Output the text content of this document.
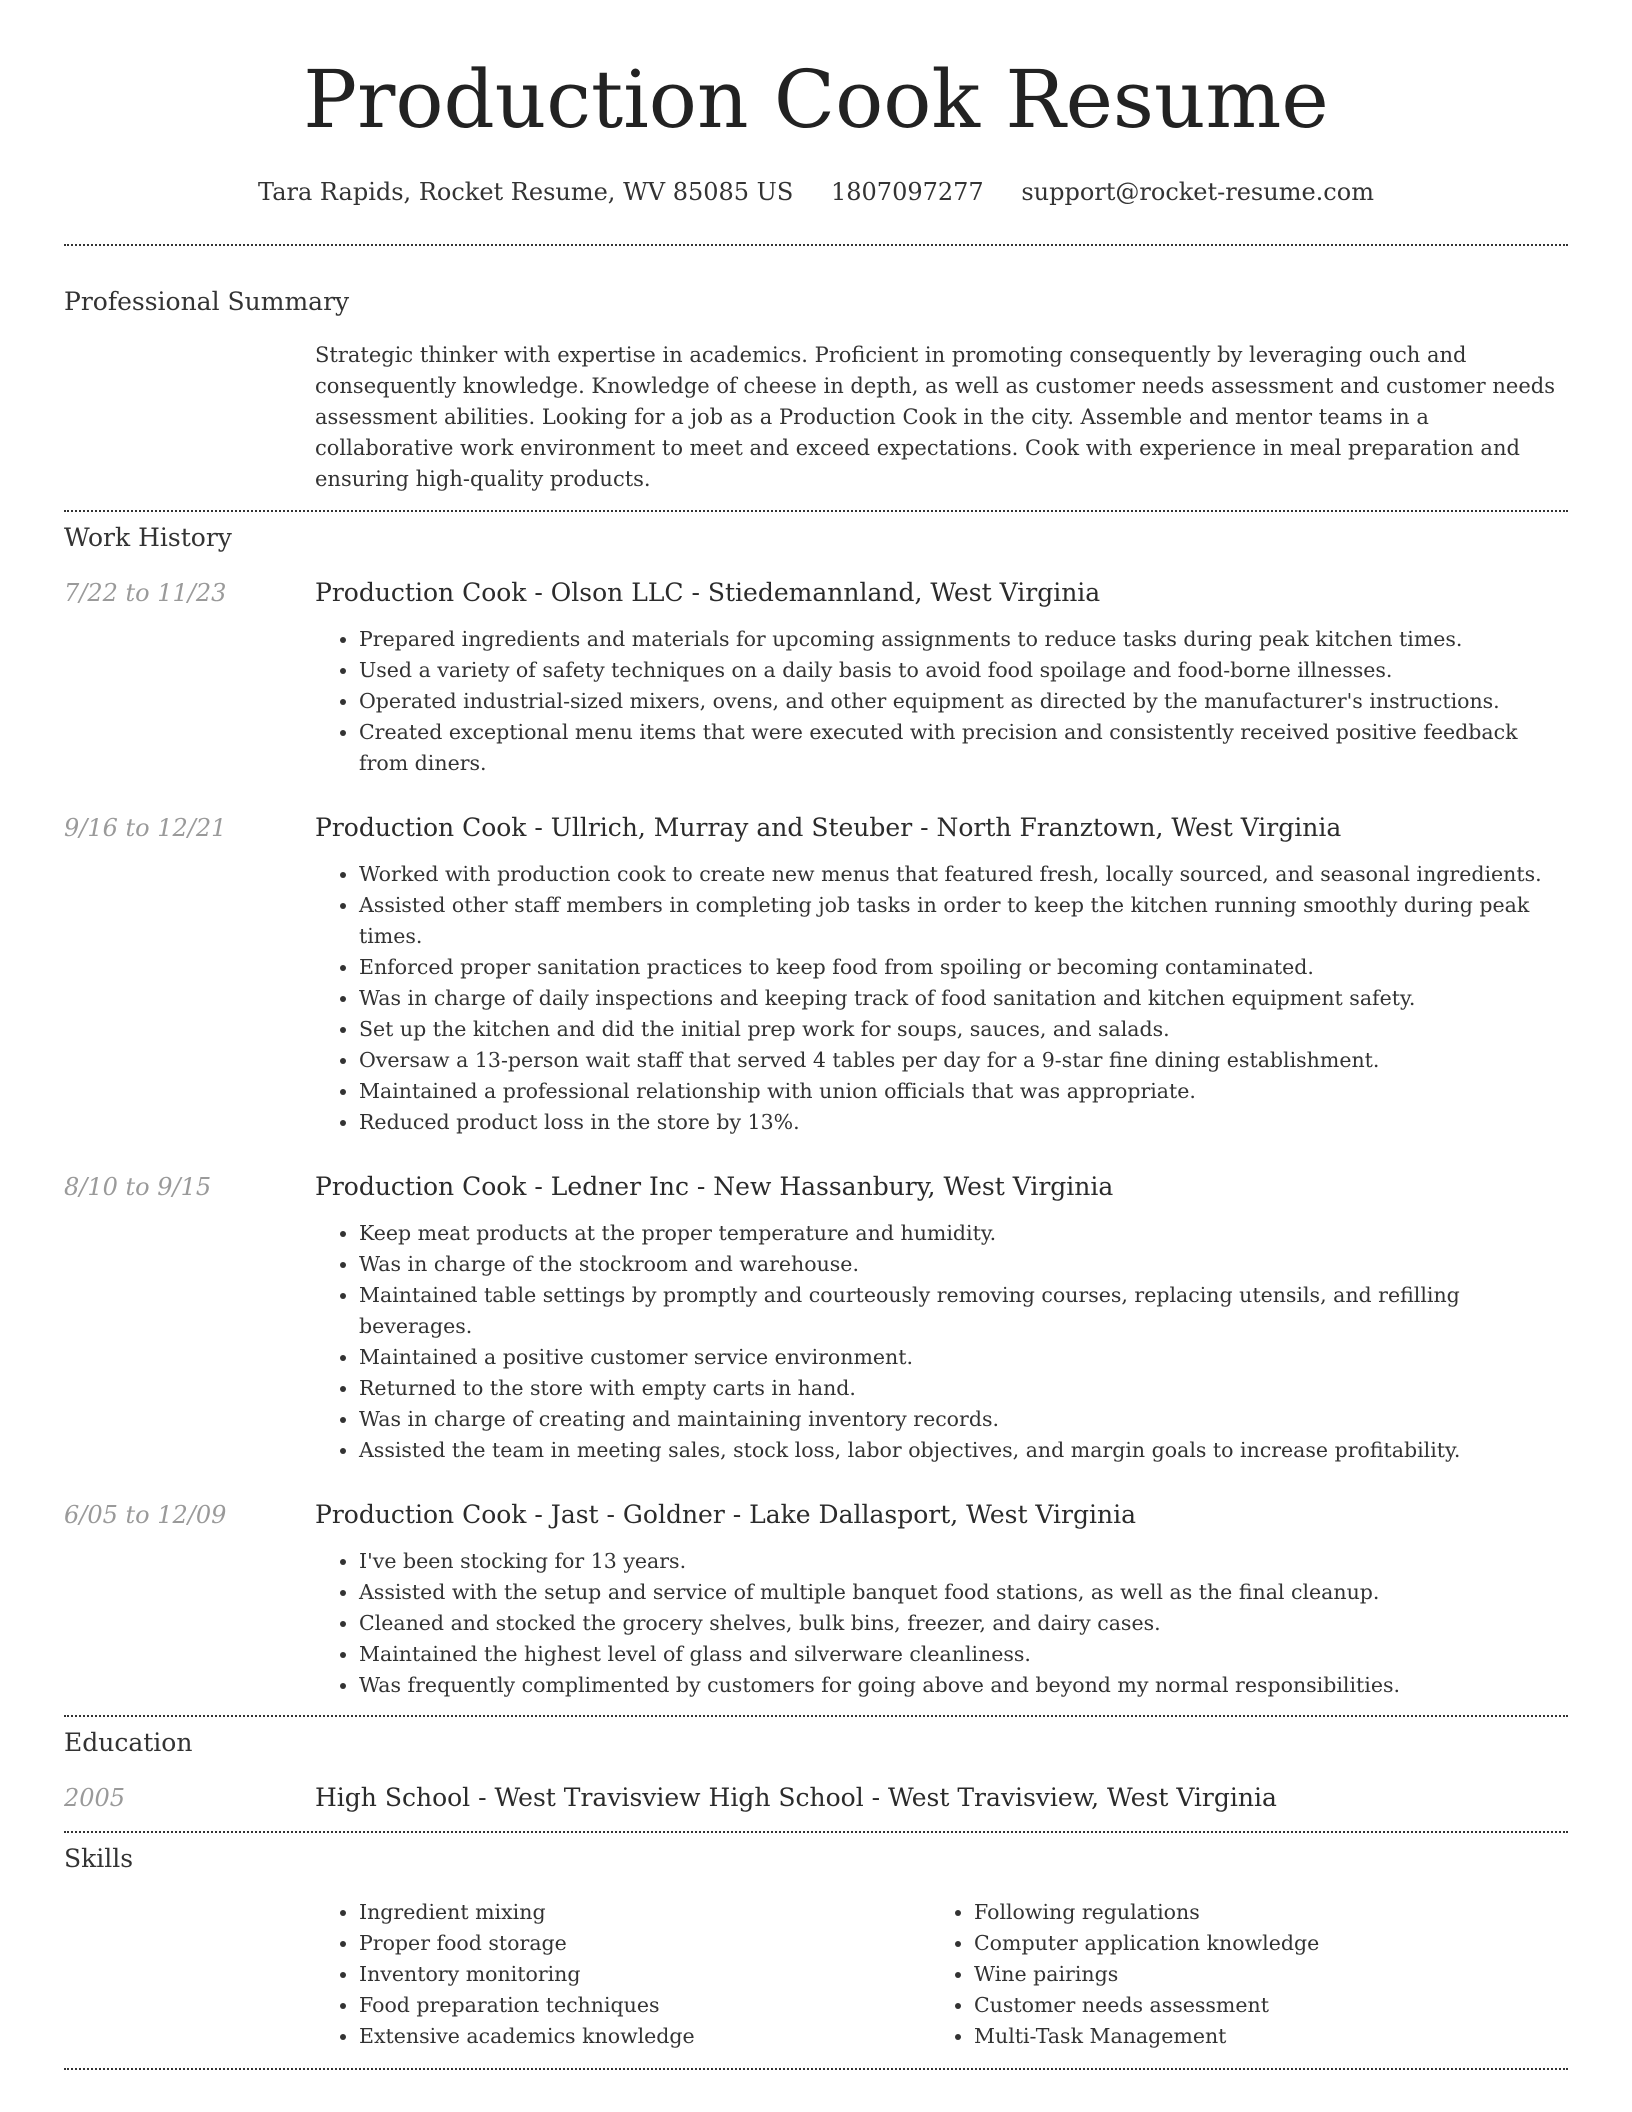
Production Cook Resume
Tara Rapids, Rocket Resume, WV 85085 US 1807097277 support@rocket-resume.com
Professional Summary

Strategic thinker with expertise in academics. Proficient in promoting consequently by leveraging ouch and consequently knowledge. Knowledge of cheese in depth, as well as customer needs assessment and customer needs assessment abilities. Looking for a job as a Production Cook in the city. Assemble and mentor teams in a collaborative work environment to meet and exceed expectations. Cook with experience in meal preparation and ensuring high-quality products.

Work History
7/22 to 11/23	Production Cook - Olson LLC - Stiedemannland, West Virginia
• Prepared ingredients and materials for upcoming assignments to reduce tasks during peak kitchen times.
• Used a variety of safety techniques on a daily basis to avoid food spoilage and food-borne illnesses.
• Operated industrial-sized mixers, ovens, and other equipment as directed by the manufacturer's instructions.
• Created exceptional menu items that were executed with precision and consistently received positive feedback from diners.
9/16 to 12/21	Production Cook - Ullrich, Murray and Steuber - North Franztown, West Virginia
• Worked with production cook to create new menus that featured fresh, locally sourced, and seasonal ingredients.
• Assisted other staff members in completing job tasks in order to keep the kitchen running smoothly during peak times.
• Enforced proper sanitation practices to keep food from spoiling or becoming contaminated.
• Was in charge of daily inspections and keeping track of food sanitation and kitchen equipment safety.
• Set up the kitchen and did the initial prep work for soups, sauces, and salads.
• Oversaw a 13-person wait staff that served 4 tables per day for a 9-star fine dining establishment.
• Maintained a professional relationship with union officials that was appropriate.
• Reduced product loss in the store by 13%.
8/10 to 9/15	Production Cook - Ledner Inc - New Hassanbury, West Virginia
• Keep meat products at the proper temperature and humidity.
• Was in charge of the stockroom and warehouse.
• Maintained table settings by promptly and courteously removing courses, replacing utensils, and refilling beverages.
• Maintained a positive customer service environment.
• Returned to the store with empty carts in hand.
• Was in charge of creating and maintaining inventory records.
• Assisted the team in meeting sales, stock loss, labor objectives, and margin goals to increase profitability.
6/05 to 12/09	Production Cook - Jast - Goldner - Lake Dallasport, West Virginia
• I've been stocking for 13 years.
• Assisted with the setup and service of multiple banquet food stations, as well as the final cleanup.
• Cleaned and stocked the grocery shelves, bulk bins, freezer, and dairy cases.
• Maintained the highest level of glass and silverware cleanliness.
• Was frequently complimented by customers for going above and beyond my normal responsibilities.
Education
2005	High School - West Travisview High School - West Travisview, West Virginia
Skills
• Ingredient mixing
• Proper food storage
• Inventory monitoring
• Food preparation techniques
• Extensive academics knowledge
• Following regulations
• Computer application knowledge
• Wine pairings
• Customer needs assessment
• Multi-Task Management
